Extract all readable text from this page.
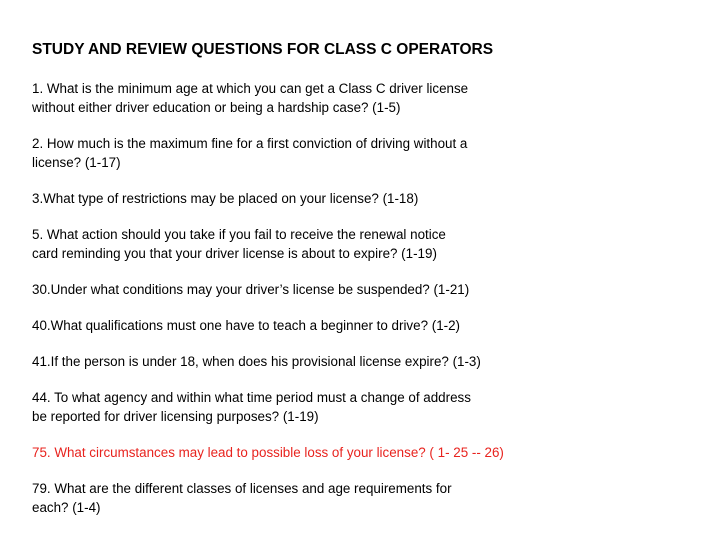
STUDY AND REVIEW QUESTIONS FOR CLASS C OPERATORS
1. What is the minimum age at which you can get a Class C driver license
without either driver education or being a hardship case? (1-5)
2. How much is the maximum fine for a first conviction of driving without a
license? (1-17)
3.What type of restrictions may be placed on your license? (1-18)
5. What action should you take if you fail to receive the renewal notice
card reminding you that your driver license is about to expire? (1-19)
30.Under what conditions may your driver’s license be suspended? (1-21)
40.What qualifications must one have to teach a beginner to drive? (1-2)
41.If the person is under 18, when does his provisional license expire? (1-3)
44. To what agency and within what time period must a change of address
be reported for driver licensing purposes? (1-19)
75. What circumstances may lead to possible loss of your license? ( 1- 25 -- 26)
79. What are the different classes of licenses and age requirements for
each? (1-4)
